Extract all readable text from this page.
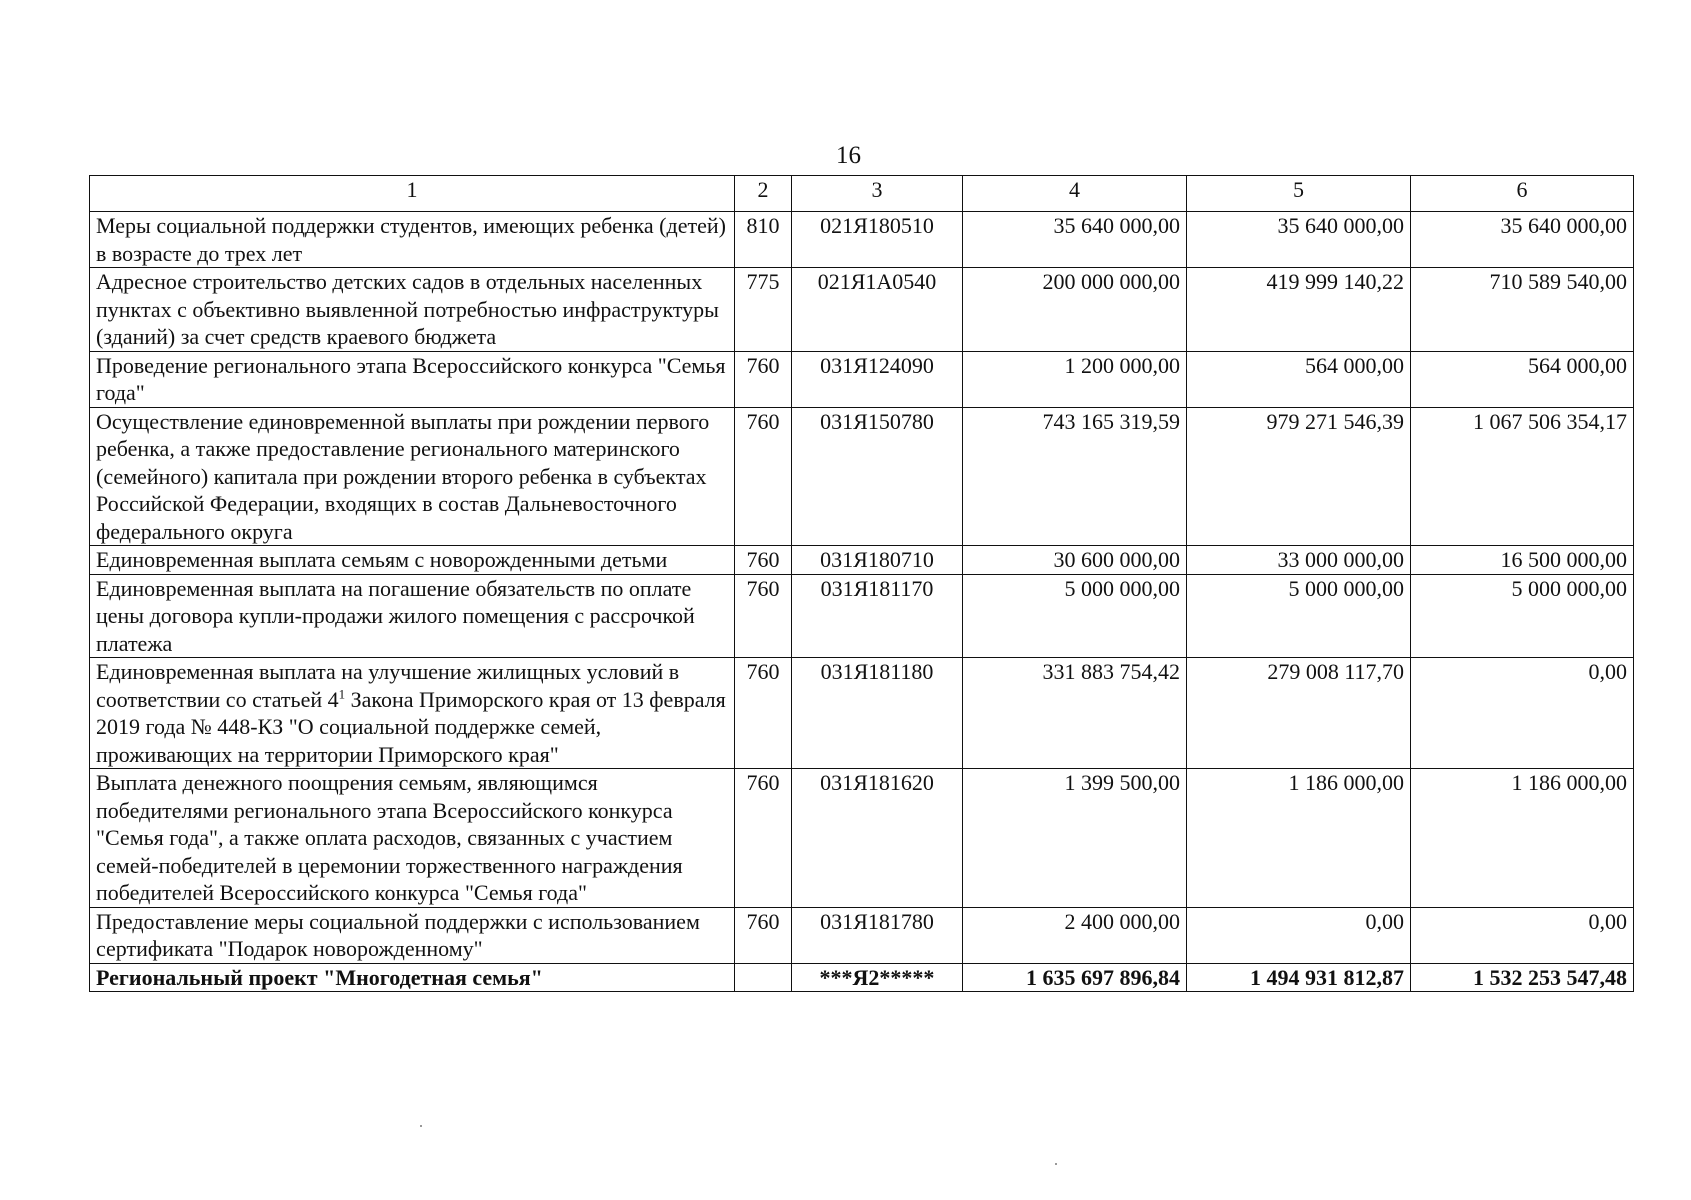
16
1	2	3	4	5	6
Меры социальной поддержки студентов, имеющих ребенка (детей) в возрасте до трех лет	810	021Я180510	35 640 000,00	35 640 000,00	35 640 000,00
Адресное строительство детских садов в отдельных населенных пунктах с объективно выявленной потребностью инфраструктуры (зданий) за счет средств краевого бюджета	775	021Я1А0540	200 000 000,00	419 999 140,22	710 589 540,00
Проведение регионального этапа Всероссийского конкурса "Семья года"	760	031Я124090	1 200 000,00	564 000,00	564 000,00
Осуществление единовременной выплаты при рождении первого ребенка, а также предоставление регионального материнского (семейного) капитала при рождении второго ребенка в субъектах Российской Федерации, входящих в состав Дальневосточного федерального округа	760	031Я150780	743 165 319,59	979 271 546,39	1 067 506 354,17
Единовременная выплата семьям с новорожденными детьми	760	031Я180710	30 600 000,00	33 000 000,00	16 500 000,00
Единовременная выплата на погашение обязательств по оплате цены договора купли-продажи жилого помещения с рассрочкой платежа	760	031Я181170	5 000 000,00	5 000 000,00	5 000 000,00
Единовременная выплата на улучшение жилищных условий в соответствии со статьей $4^1$ Закона Приморского края от 13 февраля 2019 года № 448-КЗ "О социальной поддержке семей, проживающих на территории Приморского края"	760	031Я181180	331 883 754,42	279 008 117,70	0,00
Выплата денежного поощрения семьям, являющимся победителями регионального этапа Всероссийского конкурса "Семья года", а также оплата расходов, связанных с участием семей-победителей в церемонии торжественного награждения победителей Всероссийского конкурса "Семья года"	760	031Я181620	1 399 500,00	1 186 000,00	1 186 000,00
Предоставление меры социальной поддержки с использованием сертификата "Подарок новорожденному"	760	031Я181780	2 400 000,00	0,00	0,00
Региональный проект "Многодетная семья"		***Я2*****	1 635 697 896,84	1 494 931 812,87	1 532 253 547,48
